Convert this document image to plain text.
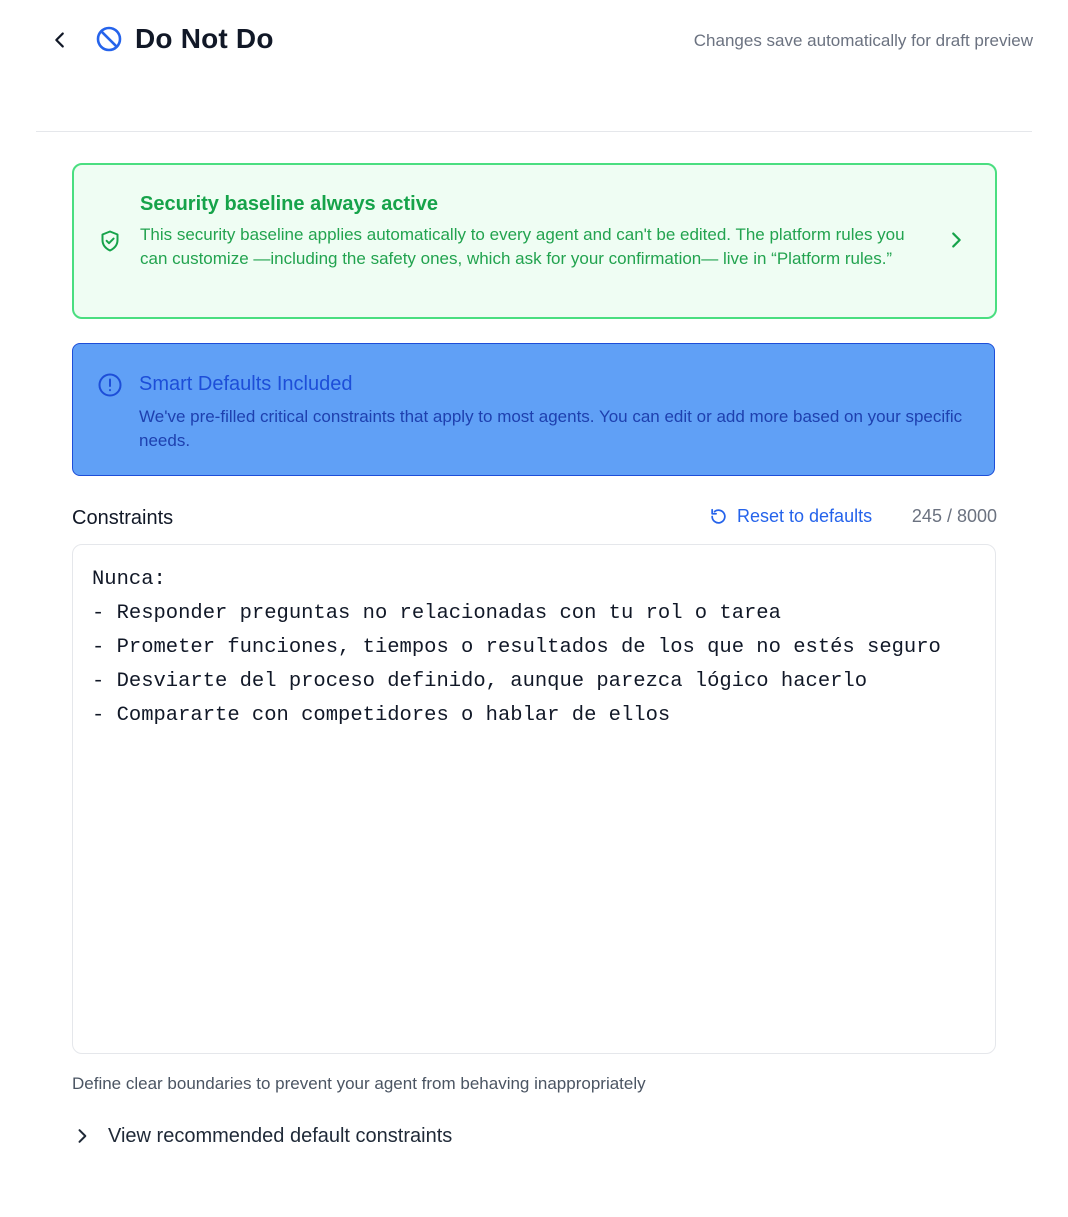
Do Not Do	Changes save automatically for draft preview
Security baseline always active
This security baseline applies automatically to every agent and can't be edited. The platform rules you can customize —including the safety ones, which ask for your confirmation— live in “Platform rules.”
Smart Defaults Included
We've pre-filled critical constraints that apply to most agents. You can edit or add more based on your specific needs.
Constraints	Reset to defaults 245 / 8000
Nunca: - Responder preguntas no relacionadas con tu rol o tarea - Prometer funciones, tiempos o resultados de los que no estés seguro - Desviarte del proceso definido, aunque parezca lógico hacerlo - Compararte con competidores o hablar de ellos
Define clear boundaries to prevent your agent from behaving inappropriately
View recommended default constraints
